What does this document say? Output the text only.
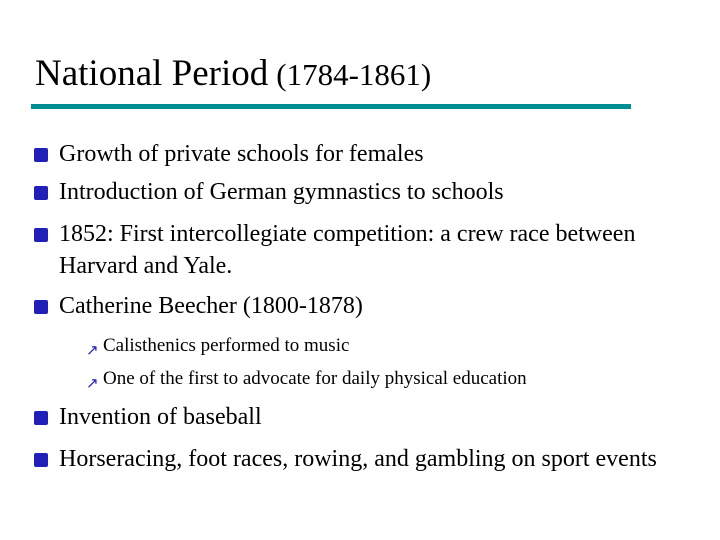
National Period (1784-1861)
Growth of private schools for females
Introduction of German gymnastics to schools
1852: First intercollegiate competition: a crew race between Harvard and Yale.
Catherine Beecher (1800-1878)
↗ Calisthenics performed to music
↗ One of the first to advocate for daily physical education
Invention of baseball
Horseracing, foot races, rowing, and gambling on sport events
